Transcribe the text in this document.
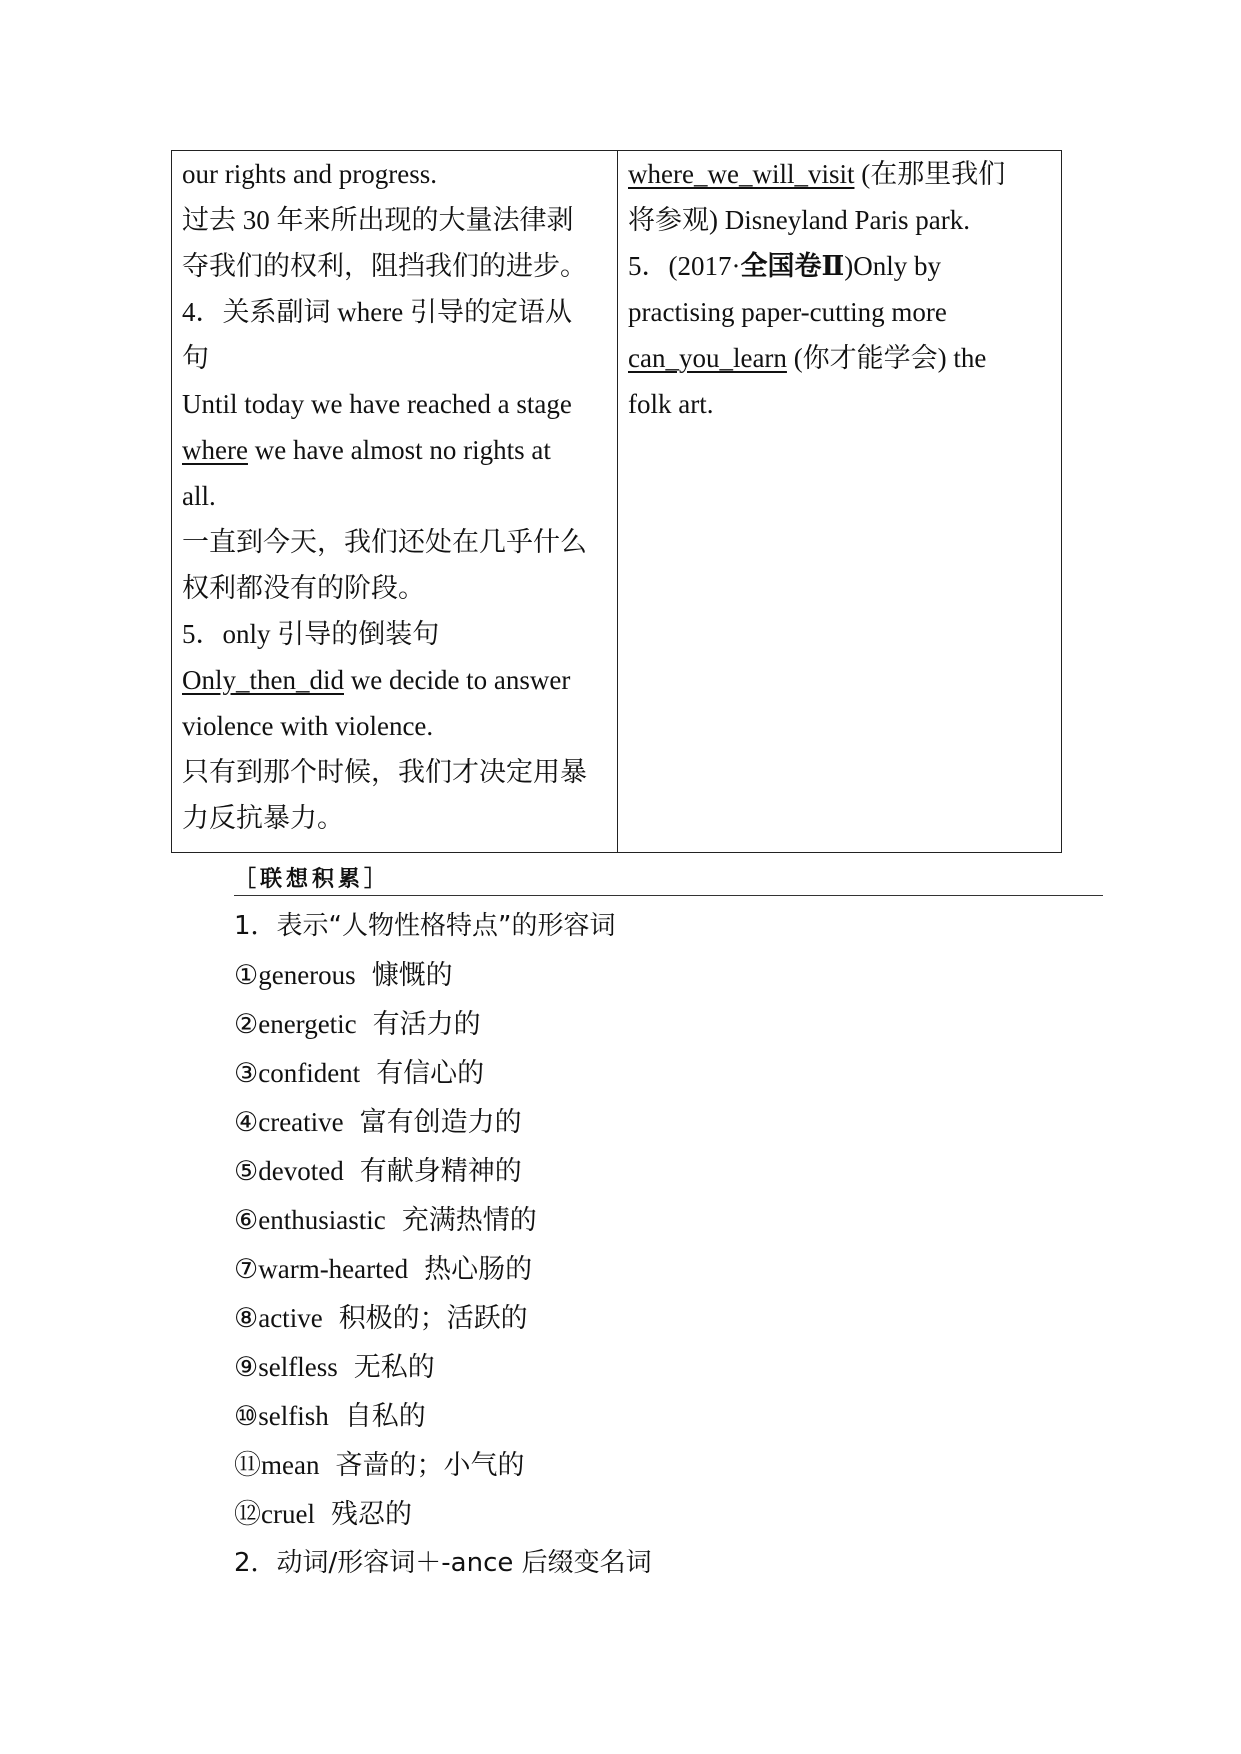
our rights and progress.
过去 30 年来所出现的大量法律剥
夺我们的权利，阻挡我们的进步。
4．关系副词 where 引导的定语从
句
Until today we have reached a stage
where we have almost no rights at
all.
一直到今天，我们还处在几乎什么
权利都没有的阶段。
5．only 引导的倒装句
Only_then_did we decide to answer
violence with violence.
只有到那个时候，我们才决定用暴
力反抗暴力。
where_we_will_visit (在那里我们
将参观) Disneyland Paris park.
5．(2017·全国卷Ⅱ)Only by
practising paper-cutting more
can_you_learn (你才能学会) the
folk art.
［联想积累］
1．表示“人物性格特点”的形容词
①generous 慷慨的
②energetic 有活力的
③confident 有信心的
④creative 富有创造力的
⑤devoted 有献身精神的
⑥enthusiastic 充满热情的
⑦warm-hearted 热心肠的
⑧active 积极的；活跃的
⑨selfless 无私的
⑩selfish 自私的
⑪mean 吝啬的；小气的
⑫cruel 残忍的
2．动词/形容词＋-ance 后缀变名词
